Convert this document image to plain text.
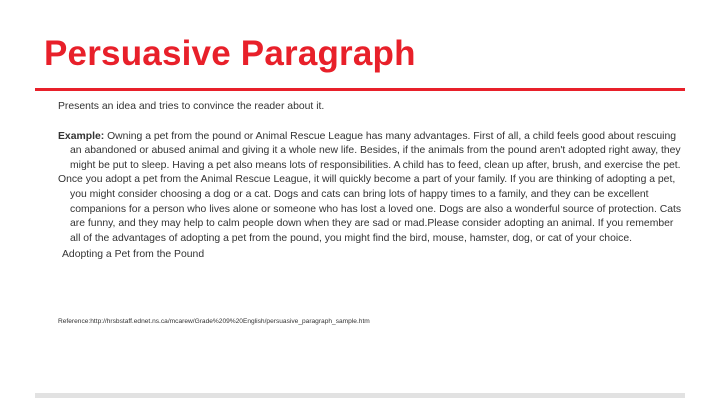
Persuasive Paragraph

Presents an idea and tries to convince the reader about it.

Example: Owning a pet from the pound or Animal Rescue League has many advantages. First of all, a child feels good about rescuing an abandoned or abused animal and giving it a whole new life. Besides, if the animals from the pound aren't adopted right away, they might be put to sleep. Having a pet also means lots of responsibilities. A child has to feed, clean up after, brush, and exercise the pet.

Once you adopt a pet from the Animal Rescue League, it will quickly become a part of your family. If you are thinking of adopting a pet, you might consider choosing a dog or a cat. Dogs and cats can bring lots of happy times to a family, and they can be excellent companions for a person who lives alone or someone who has lost a loved one. Dogs are also a wonderful source of protection. Cats are funny, and they may help to calm people down when they are sad or mad.Please consider adopting an animal. If you remember all of the advantages of adopting a pet from the pound, you might find the bird, mouse, hamster, dog, or cat of your choice.

Adopting a Pet from the Pound

Reference:http://hrsbstaff.ednet.ns.ca/mcarew/Grade%209%20English/persuasive_paragraph_sample.htm
